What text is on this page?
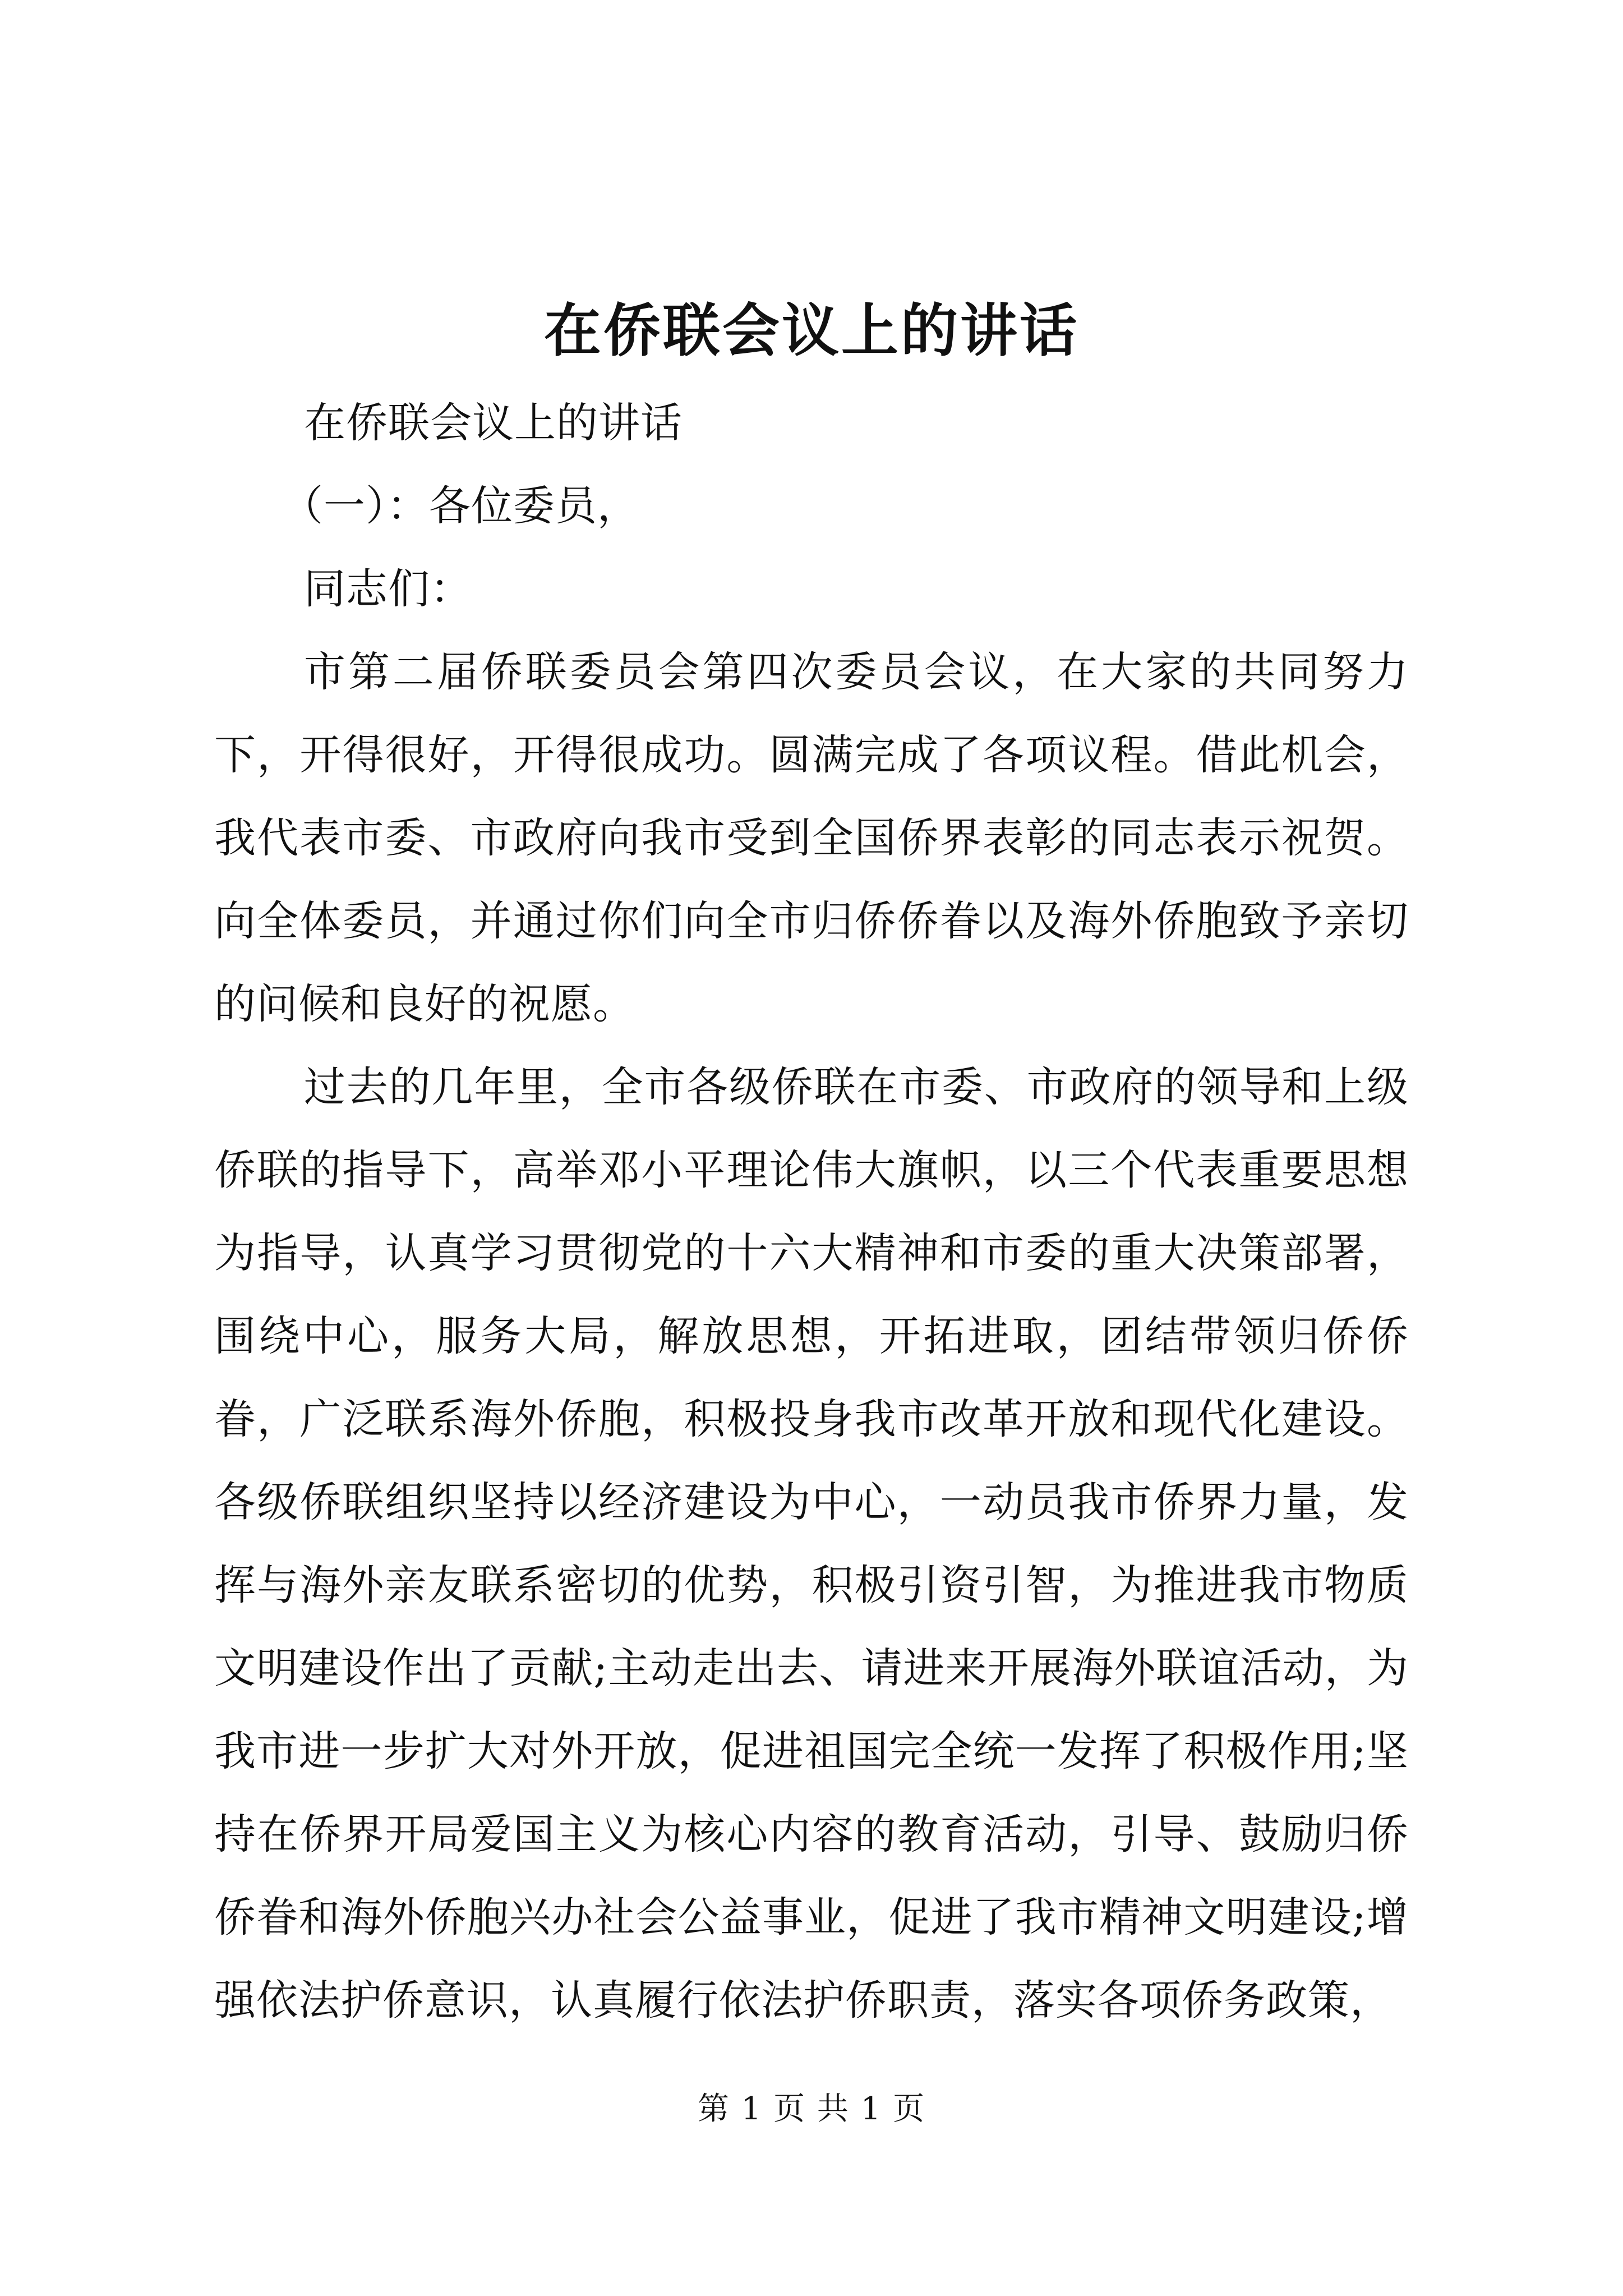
在侨联会议上的讲话

在侨联会议上的讲话

（一）：各位委员，

同志们：

市第二届侨联委员会第四次委员会议，在大家的共同努力下，开得很好，开得很成功。圆满完成了各项议程。借此机会，我代表市委、市政府向我市受到全国侨界表彰的同志表示祝贺。向全体委员，并通过你们向全市归侨侨眷以及海外侨胞致予亲切的问候和良好的祝愿。

过去的几年里，全市各级侨联在市委、市政府的领导和上级侨联的指导下，高举邓小平理论伟大旗帜，以三个代表重要思想为指导，认真学习贯彻党的十六大精神和市委的重大决策部署，围绕中心，服务大局，解放思想，开拓进取，团结带领归侨侨眷，广泛联系海外侨胞，积极投身我市改革开放和现代化建设。各级侨联组织坚持以经济建设为中心，一动员我市侨界力量，发挥与海外亲友联系密切的优势，积极引资引智，为推进我市物质文明建设作出了贡献;主动走出去、请进来开展海外联谊活动，为我市进一步扩大对外开放，促进祖国完全统一发挥了积极作用;坚持在侨界开局爱国主义为核心内容的教育活动，引导、鼓励归侨侨眷和海外侨胞兴办社会公益事业，促进了我市精神文明建设;增强依法护侨意识，认真履行依法护侨职责，落实各项侨务政策，

第 1 页 共 1 页
